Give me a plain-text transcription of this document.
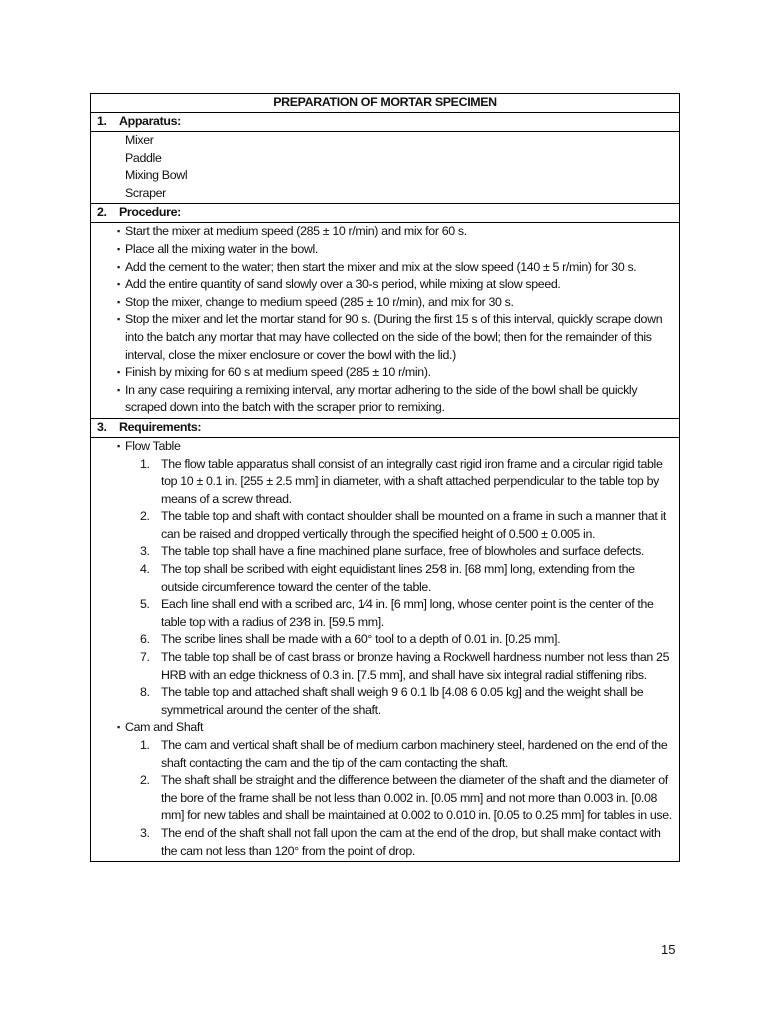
PREPARATION OF MORTAR SPECIMEN
1. Apparatus:

Mixer
Paddle
Mixing Bowl
Scraper

2. Procedure:

▪ Start the mixer at medium speed (285 ± 10 r/min) and mix for 60 s.
▪ Place all the mixing water in the bowl.
▪ Add the cement to the water; then start the mixer and mix at the slow speed (140 ± 5 r/min) for 30 s.
▪ Add the entire quantity of sand slowly over a 30-s period, while mixing at slow speed.
▪ Stop the mixer, change to medium speed (285 ± 10 r/min), and mix for 30 s.
▪ Stop the mixer and let the mortar stand for 90 s. (During the first 15 s of this interval, quickly scrape down into the batch any mortar that may have collected on the side of the bowl; then for the remainder of this interval, close the mixer enclosure or cover the bowl with the lid.)
▪ Finish by mixing for 60 s at medium speed (285 ± 10 r/min).
▪ In any case requiring a remixing interval, any mortar adhering to the side of the bowl shall be quickly scraped down into the batch with the scraper prior to remixing.

3. Requirements:

▪ Flow Table
1. The flow table apparatus shall consist of an integrally cast rigid iron frame and a circular rigid table top 10 ± 0.1 in. [255 ± 2.5 mm] in diameter, with a shaft attached perpendicular to the table top by means of a screw thread.
2. The table top and shaft with contact shoulder shall be mounted on a frame in such a manner that it can be raised and dropped vertically through the specified height of 0.500 ± 0.005 in.
3. The table top shall have a fine machined plane surface, free of blowholes and surface defects.
4. The top shall be scribed with eight equidistant lines 25⁄8 in. [68 mm] long, extending from the outside circumference toward the center of the table.
5. Each line shall end with a scribed arc, 1⁄4 in. [6 mm] long, whose center point is the center of the table top with a radius of 23⁄8 in. [59.5 mm].
6. The scribe lines shall be made with a 60° tool to a depth of 0.01 in. [0.25 mm].
7. The table top shall be of cast brass or bronze having a Rockwell hardness number not less than 25 HRB with an edge thickness of 0.3 in. [7.5 mm], and shall have six integral radial stiffening ribs.
8. The table top and attached shaft shall weigh 9 6 0.1 lb [4.08 6 0.05 kg] and the weight shall be symmetrical around the center of the shaft.
▪ Cam and Shaft
1. The cam and vertical shaft shall be of medium carbon machinery steel, hardened on the end of the shaft contacting the cam and the tip of the cam contacting the shaft.
2. The shaft shall be straight and the difference between the diameter of the shaft and the diameter of the bore of the frame shall be not less than 0.002 in. [0.05 mm] and not more than 0.003 in. [0.08 mm] for new tables and shall be maintained at 0.002 to 0.010 in. [0.05 to 0.25 mm] for tables in use.
3. The end of the shaft shall not fall upon the cam at the end of the drop, but shall make contact with the cam not less than 120° from the point of drop.
15
